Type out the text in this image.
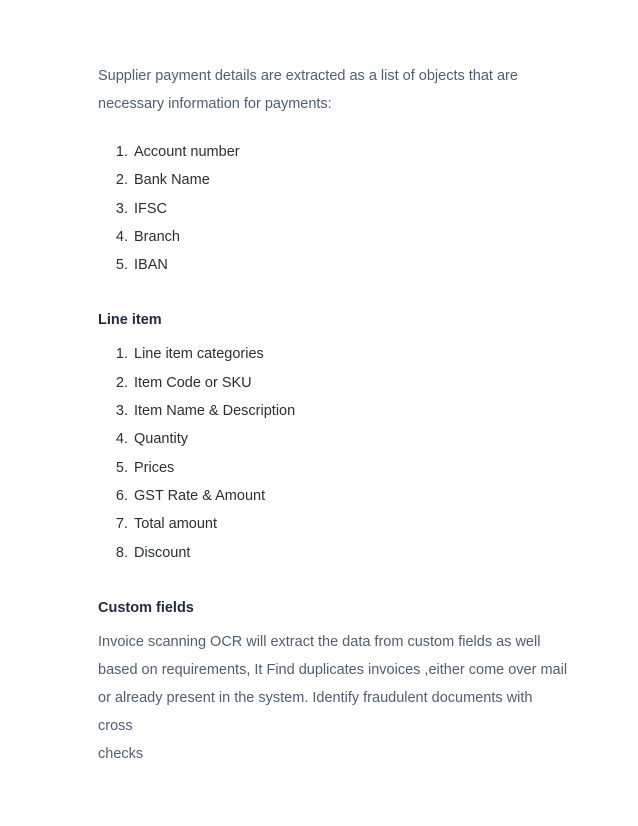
Supplier payment details are extracted as a list of objects that are
necessary information for payments:
1. Account number
2. Bank Name
3. IFSC
4. Branch
5. IBAN
Line item
1. Line item categories
2. Item Code or SKU
3. Item Name & Description
4. Quantity
5. Prices
6. GST Rate & Amount
7. Total amount
8. Discount
Custom fields
Invoice scanning OCR will extract the data from custom fields as well
based on requirements, It Find duplicates invoices ,either come over mail
or already present in the system. Identify fraudulent documents with cross
checks
